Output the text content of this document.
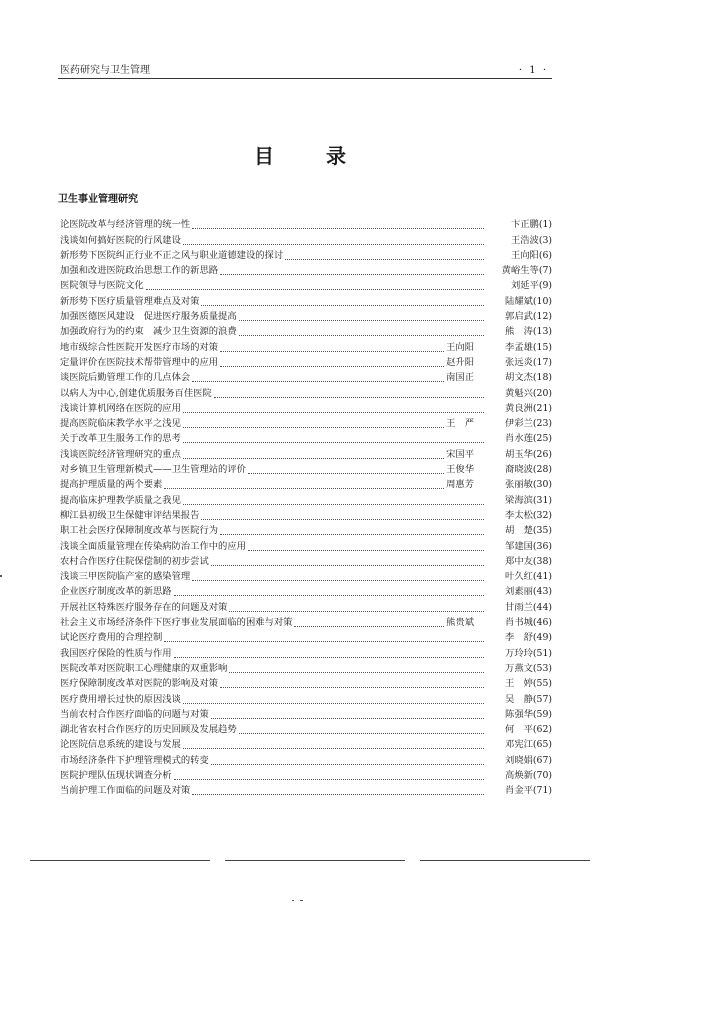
医药研究与卫生管理	· 1 ·
目	录
卫生事业管理研究
论医院改革与经济管理的统一性	卞正鹏(1)
浅谈如何搞好医院的行风建设	王浩波(3)
新形势下医院纠正行业不正之风与职业道德建设的探讨	王向阳(6)
加强和改进医院政治思想工作的新思路	黄峪生等(7)
医院领导与医院文化	刘延平(9)
新形势下医疗质量管理难点及对策	陆耀斌(10)
加强医德医风建设　促进医疗服务质量提高	郭启武(12)
加强政府行为的约束　减少卫生资源的浪费	熊　涛(13)
地市级综合性医院开发医疗市场的对策	王向阳	李孟雄(15)
定量评价在医院技术帮带管理中的应用	赵升阳	张远炎(17)
谈医院后勤管理工作的几点体会	南国正	胡文杰(18)
以病人为中心,创建优质服务百佳医院	黄魁兴(20)
浅谈计算机网络在医院的应用	黄良洲(21)
提高医院临床教学水平之浅见	王　严	伊彩兰(23)
关于改革卫生服务工作的思考	肖水莲(25)
浅谈医院经济管理研究的重点	宋国平	胡玉华(26)
对乡镇卫生管理新模式——卫生管理站的评价	王俊华	裔晓波(28)
提高护理质量的两个要素	周惠芳	张丽敏(30)
提高临床护理教学质量之我见	梁海滨(31)
柳江县初级卫生保健审评结果报告	李太松(32)
职工社会医疗保障制度改革与医院行为	胡　楚(35)
浅谈全面质量管理在传染病防治工作中的应用	邹建国(36)
农村合作医疗住院保偿制的初步尝试	郑中友(38)
浅谈三甲医院临产室的感染管理	叶久红(41)
企业医疗制度改革的新思路	刘素丽(43)
开展社区特殊医疗服务存在的问题及对策	甘雨兰(44)
社会主义市场经济条件下医疗事业发展面临的困难与对策	熊贵斌	肖书城(46)
试论医疗费用的合理控制	李　舒(49)
我国医疗保险的性质与作用	万玲玲(51)
医院改革对医院职工心理健康的双重影响	万燕文(53)
医疗保障制度改革对医院的影响及对策	王　婷(55)
医疗费用增长过快的原因浅谈	吴　静(57)
当前农村合作医疗面临的问题与对策	陈强华(59)
湖北省农村合作医疗的历史回顾及发展趋势	何　平(62)
论医院信息系统的建设与发展	邓宪江(65)
市场经济条件下护理管理模式的转变	刘晓娟(67)
医院护理队伍现状调查分析	高焕新(70)
当前护理工作面临的问题及对策	肖金平(71)
